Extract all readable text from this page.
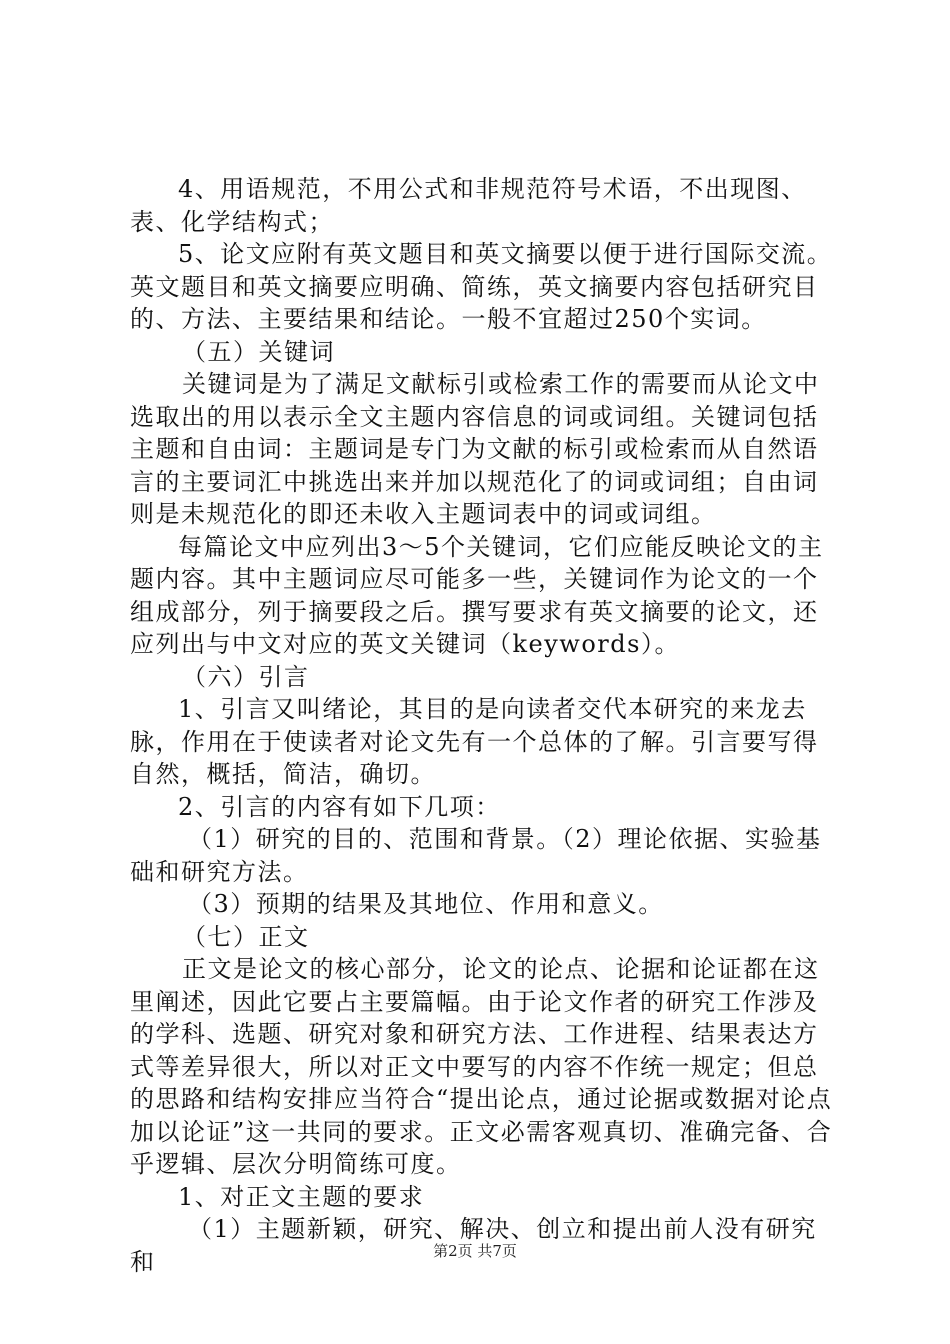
4、用语规范，不用公式和非规范符号术语，不出现图、表、化学结构式；

5、论文应附有英文题目和英文摘要以便于进行国际交流。英文题目和英文摘要应明确、简练，英文摘要内容包括研究目的、方法、主要结果和结论。一般不宜超过250个实词。

（五）关键词

关键词是为了满足文献标引或检索工作的需要而从论文中选取出的用以表示全文主题内容信息的词或词组。关键词包括主题和自由词：主题词是专门为文献的标引或检索而从自然语言的主要词汇中挑选出来并加以规范化了的词或词组；自由词则是未规范化的即还未收入主题词表中的词或词组。

每篇论文中应列出3～5个关键词，它们应能反映论文的主题内容。其中主题词应尽可能多一些，关键词作为论文的一个组成部分，列于摘要段之后。撰写要求有英文摘要的论文，还应列出与中文对应的英文关键词（keywords）。

（六）引言

1、引言又叫绪论，其目的是向读者交代本研究的来龙去脉，作用在于使读者对论文先有一个总体的了解。引言要写得自然，概括，简洁，确切。

2、引言的内容有如下几项：

（1）研究的目的、范围和背景。（2）理论依据、实验基础和研究方法。

（3）预期的结果及其地位、作用和意义。

（七）正文

正文是论文的核心部分，论文的论点、论据和论证都在这里阐述，因此它要占主要篇幅。由于论文作者的研究工作涉及的学科、选题、研究对象和研究方法、工作进程、结果表达方式等差异很大，所以对正文中要写的内容不作统一规定；但总的思路和结构安排应当符合“提出论点，通过论据或数据对论点加以论证”这一共同的要求。正文必需客观真切、准确完备、合乎逻辑、层次分明简练可度。

1、对正文主题的要求

（1）主题新颖，研究、解决、创立和提出前人没有研究和	第2页 共7页
